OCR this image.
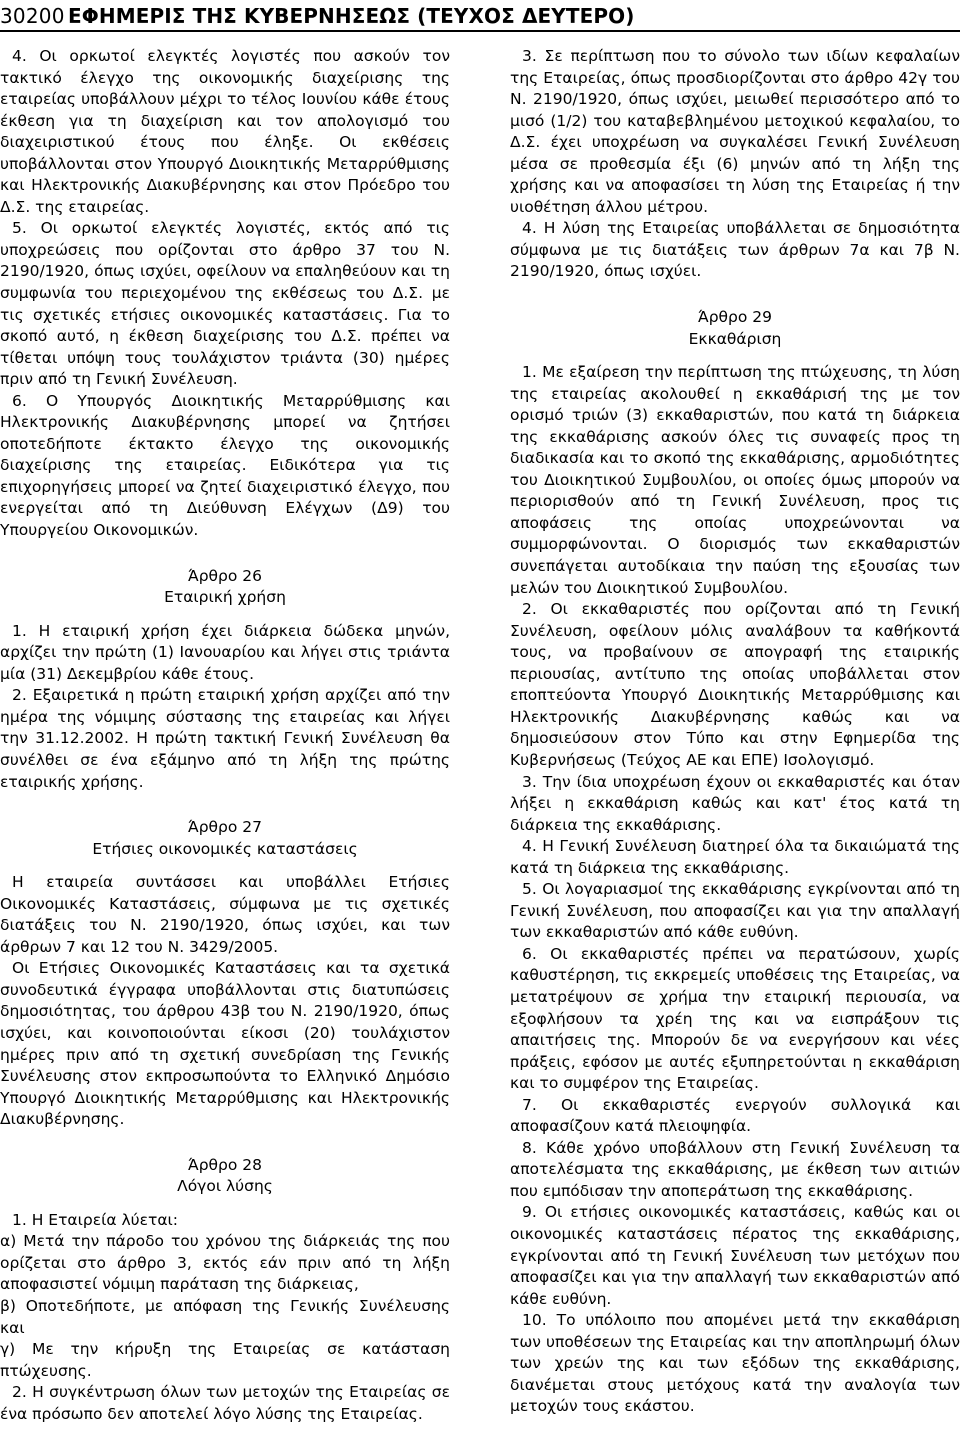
30200 ΕΦΗΜΕΡΙΣ ΤΗΣ ΚΥΒΕΡΝΗΣΕΩΣ (ΤΕΥΧΟΣ ΔΕΥΤΕΡΟ)

4. Οι ορκωτοί ελεγκτές λογιστές που ασκούν τον τακτικό έλεγχο της οικονομικής διαχείρισης της εταιρείας υποβάλλουν μέχρι το τέλος Ιουνίου κάθε έτους έκθεση για τη διαχείριση και τον απολογισμό του διαχειριστικού έτους που έληξε. Οι εκθέσεις υποβάλλονται στον Υπουργό Διοικητικής Μεταρρύθμισης και Ηλεκτρονικής Διακυβέρνησης και στον Πρόεδρο του Δ.Σ. της εταιρείας.

5. Οι ορκωτοί ελεγκτές λογιστές, εκτός από τις υποχρεώσεις που ορίζονται στο άρθρο 37 του Ν. 2190/1920, όπως ισχύει, οφείλουν να επαληθεύουν και τη συμφωνία του περιεχομένου της εκθέσεως του Δ.Σ. με τις σχετικές ετήσιες οικονομικές καταστάσεις. Για το σκοπό αυτό, η έκθεση διαχείρισης του Δ.Σ. πρέπει να τίθεται υπόψη τους τουλάχιστον τριάντα (30) ημέρες πριν από τη Γενική Συνέλευση.

6. Ο Υπουργός Διοικητικής Μεταρρύθμισης και Ηλεκτρονικής Διακυβέρνησης μπορεί να ζητήσει οποτεδήποτε έκτακτο έλεγχο της οικονομικής διαχείρισης της εταιρείας. Ειδικότερα για τις επιχορηγήσεις μπορεί να ζητεί διαχειριστικό έλεγχο, που ενεργείται από τη Διεύθυνση Ελέγχων (Δ9) του Υπουργείου Οικονομικών.

Άρθρο 26

Εταιρική χρήση

1. Η εταιρική χρήση έχει διάρκεια δώδεκα μηνών, αρχίζει την πρώτη (1) Ιανουαρίου και λήγει στις τριάντα μία (31) Δεκεμβρίου κάθε έτους.

2. Εξαιρετικά η πρώτη εταιρική χρήση αρχίζει από την ημέρα της νόμιμης σύστασης της εταιρείας και λήγει την 31.12.2002. Η πρώτη τακτική Γενική Συνέλευση θα συνέλθει σε ένα εξάμηνο από τη λήξη της πρώτης εταιρικής χρήσης.

Άρθρο 27

Ετήσιες οικονομικές καταστάσεις

Η εταιρεία συντάσσει και υποβάλλει Ετήσιες Οικονομικές Καταστάσεις, σύμφωνα με τις σχετικές διατάξεις του Ν. 2190/1920, όπως ισχύει, και των άρθρων 7 και 12 του Ν. 3429/2005.

Οι Ετήσιες Οικονομικές Καταστάσεις και τα σχετικά συνοδευτικά έγγραφα υποβάλλονται στις διατυπώσεις δημοσιότητας, του άρθρου 43β του Ν. 2190/1920, όπως ισχύει, και κοινοποιούνται είκοσι (20) τουλάχιστον ημέρες πριν από τη σχετική συνεδρίαση της Γενικής Συνέλευσης στον εκπροσωπούντα το Ελληνικό Δημόσιο Υπουργό Διοικητικής Μεταρρύθμισης και Ηλεκτρονικής Διακυβέρνησης.

Άρθρο 28

Λόγοι λύσης

1. Η Εταιρεία λύεται:

α) Μετά την πάροδο του χρόνου της διάρκειάς της που ορίζεται στο άρθρο 3, εκτός εάν πριν από τη λήξη αποφασιστεί νόμιμη παράταση της διάρκειας,

β) Οποτεδήποτε, με απόφαση της Γενικής Συνέλευσης και

γ) Με την κήρυξη της Εταιρείας σε κατάσταση πτώχευσης.

2. Η συγκέντρωση όλων των μετοχών της Εταιρείας σε ένα πρόσωπο δεν αποτελεί λόγο λύσης της Εταιρείας.

3. Σε περίπτωση που το σύνολο των ιδίων κεφαλαίων της Εταιρείας, όπως προσδιορίζονται στο άρθρο 42γ του Ν. 2190/1920, όπως ισχύει, μειωθεί περισσότερο από το μισό (1/2) του καταβεβλημένου μετοχικού κεφαλαίου, το Δ.Σ. έχει υποχρέωση να συγκαλέσει Γενική Συνέλευση μέσα σε προθεσμία έξι (6) μηνών από τη λήξη της χρήσης και να αποφασίσει τη λύση της Εταιρείας ή την υιοθέτηση άλλου μέτρου.

4. Η λύση της Εταιρείας υποβάλλεται σε δημοσιότητα σύμφωνα με τις διατάξεις των άρθρων 7α και 7β Ν. 2190/1920, όπως ισχύει.

Άρθρο 29

Εκκαθάριση

1. Με εξαίρεση την περίπτωση της πτώχευσης, τη λύση της εταιρείας ακολουθεί η εκκαθάρισή της με τον ορισμό τριών (3) εκκαθαριστών, που κατά τη διάρκεια της εκκαθάρισης ασκούν όλες τις συναφείς προς τη διαδικασία και το σκοπό της εκκαθάρισης, αρμοδιότητες του Διοικητικού Συμβουλίου, οι οποίες όμως μπορούν να περιορισθούν από τη Γενική Συνέλευση, προς τις αποφάσεις της οποίας υποχρεώνονται να συμμορφώνονται. Ο διορισμός των εκκαθαριστών συνεπάγεται αυτοδίκαια την παύση της εξουσίας των μελών του Διοικητικού Συμβουλίου.

2. Οι εκκαθαριστές που ορίζονται από τη Γενική Συνέλευση, οφείλουν μόλις αναλάβουν τα καθήκοντά τους, να προβαίνουν σε απογραφή της εταιρικής περιουσίας, αντίτυπο της οποίας υποβάλλεται στον εποπτεύοντα Υπουργό Διοικητικής Μεταρρύθμισης και Ηλεκτρονικής Διακυβέρνησης καθώς και να δημοσιεύσουν στον Τύπο και στην Εφημερίδα της Κυβερνήσεως (Τεύχος ΑΕ και ΕΠΕ) Ισολογισμό.

3. Την ίδια υποχρέωση έχουν οι εκκαθαριστές και όταν λήξει η εκκαθάριση καθώς και κατ' έτος κατά τη διάρκεια της εκκαθάρισης.

4. Η Γενική Συνέλευση διατηρεί όλα τα δικαιώματά της κατά τη διάρκεια της εκκαθάρισης.

5. Οι λογαριασμοί της εκκαθάρισης εγκρίνονται από τη Γενική Συνέλευση, που αποφασίζει και για την απαλλαγή των εκκαθαριστών από κάθε ευθύνη.

6. Οι εκκαθαριστές πρέπει να περατώσουν, χωρίς καθυστέρηση, τις εκκρεμείς υποθέσεις της Εταιρείας, να μετατρέψουν σε χρήμα την εταιρική περιουσία, να εξοφλήσουν τα χρέη της και να εισπράξουν τις απαιτήσεις της. Μπορούν δε να ενεργήσουν και νέες πράξεις, εφόσον με αυτές εξυπηρετούνται η εκκαθάριση και το συμφέρον της Εταιρείας.

7. Οι εκκαθαριστές ενεργούν συλλογικά και αποφασίζουν κατά πλειοψηφία.

8. Κάθε χρόνο υποβάλλουν στη Γενική Συνέλευση τα αποτελέσματα της εκκαθάρισης, με έκθεση των αιτιών που εμπόδισαν την αποπεράτωση της εκκαθάρισης.

9. Οι ετήσιες οικονομικές καταστάσεις, καθώς και οι οικονομικές καταστάσεις πέρατος της εκκαθάρισης, εγκρίνονται από τη Γενική Συνέλευση των μετόχων που αποφασίζει και για την απαλλαγή των εκκαθαριστών από κάθε ευθύνη.

10. Το υπόλοιπο που απομένει μετά την εκκαθάριση των υποθέσεων της Εταιρείας και την αποπληρωμή όλων των χρεών της και των εξόδων της εκκαθάρισης, διανέμεται στους μετόχους κατά την αναλογία των μετοχών τους εκάστου.
